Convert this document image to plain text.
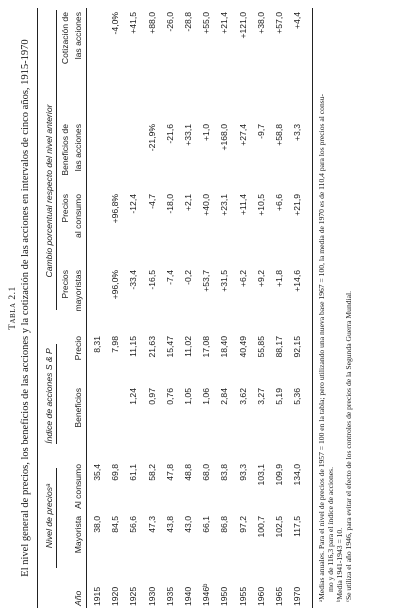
Tabla 2.1 El nivel general de precios, los beneficios de las acciones y la cotización de las acciones en intervalos de cinco años, 1915-1970 Nivel de preciosᵃ
Índice de acciones S & P
Cambio porcentual respecto del nivel anterior
Precios
Precios
Beneficios de
Cotización de
Año
Mayorista
Al consumo
Beneficios
Precio
mayoristas
al consumo
las acciones
las acciones
1915
38,0
35,4
8,31
1920
84,5
69,8
7,98
+96,0%
+96,8%
-4,0%
1925
56,6
61,1
1,24
11,15
-33,4
-12,4
+41,5
1930
47,3
58,2
0,97
21,63
-16,5
-4,7
-21,9%
+88,0
1935
43,8
47,8
0,76
15,47
-7,4
-18,0
-21,6
-26,0
1940
43,0
48,8
1,05
11,02
-0,2
+2,1
+33,1
-28,8
1946ᵇ
66,1
68,0
1,06
17,08
+53,7
+40,0
+1,0
+55,0
1950
86,8
83,8
2,84
18,40
+31,5
+23,1
+168,0
+21,4
1955
97,2
93,3
3,62
40,49
+6,2
+11,4
+27,4
+121,0
1960
100,7
103,1
3,27
55,85
+9,2
+10,5
-9,7
+38,0
1965
102,5
109,9
5,19
88,17
+1,8
+6,6
+58,8
+57,0
1970
117,5
134,0
5,36
92,15
+14,6
+21,9
+3,3
+4,4
ᵃMedias anuales. Para el nivel de precios de 1957 = 100 en la tabla; pero utilizando una nueva base 1967 = 100, la media de 1970 es de 110,4 para los precios al consu- mo y de 116,3 para el índice de acciones. ᵇMedia 1941-1943 = 10. ᶜSe utiliza el año 1946, para evitar el efecto de los controles de precios de la Segunda Guerra Mundial.
